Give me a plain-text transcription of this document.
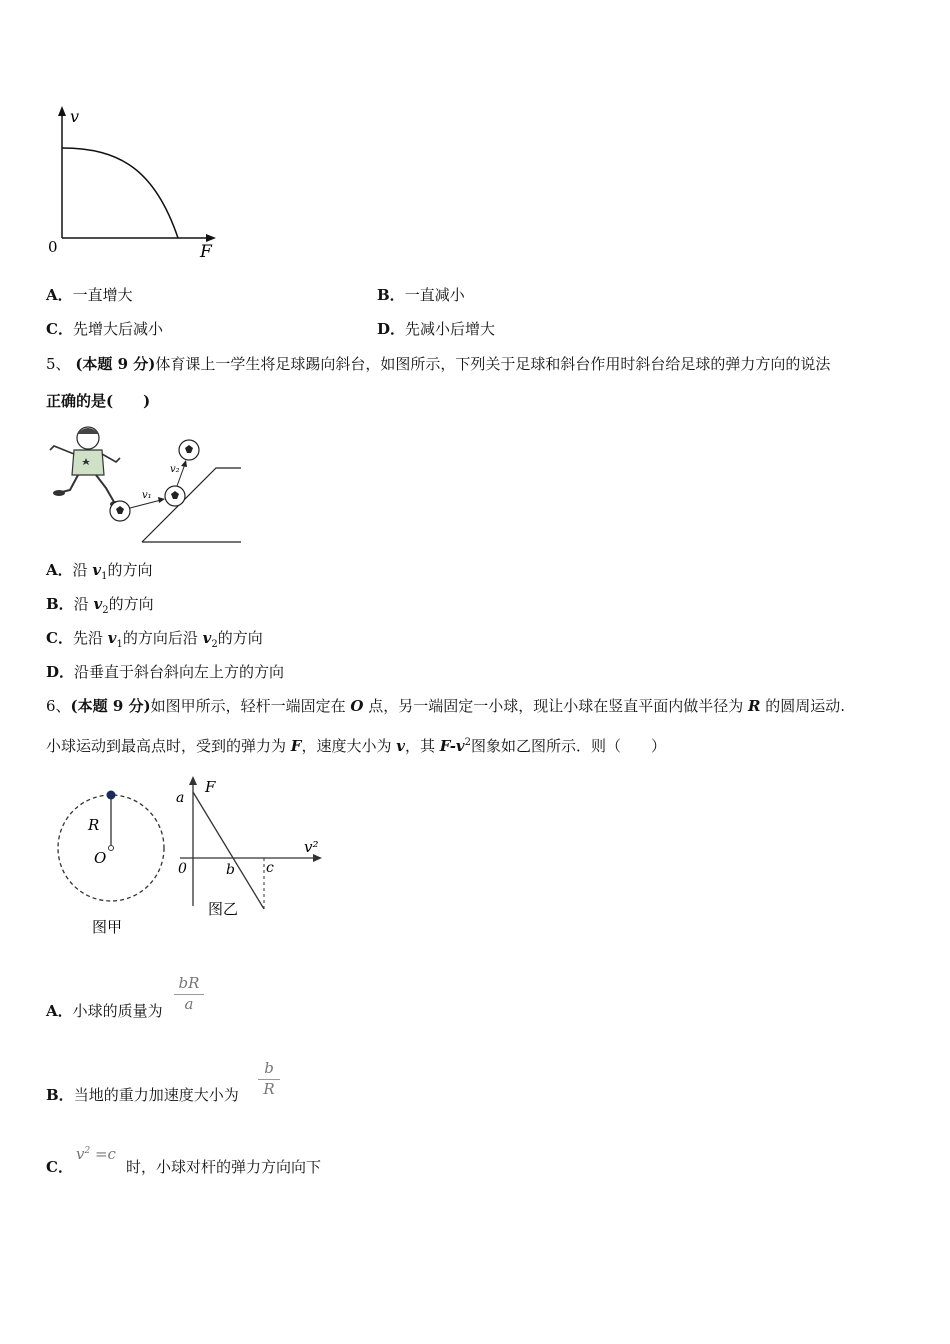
v
F
0
A．一直增大	B．一直减小
C．先增大后减小	D．先减小后增大
5、 (本题 9 分)体育课上一学生将足球踢向斜台，如图所示，下列关于足球和斜台作用时斜台给足球的弹力方向的说法
正确的是(　　)
v₁
v₂
A．沿 $v_1$的方向
B．沿 $v_2$的方向
C．先沿 $v_1$的方向后沿 $v_2$的方向
D．沿垂直于斜台斜向左上方的方向
6、(本题 9 分)如图甲所示，轻杆一端固定在 O 点，另一端固定一小球，现让小球在竖直平面内做半径为 R 的圆周运动.
小球运动到最高点时，受到的弹力为 F，速度大小为 v，其 $F-v^2$图象如乙图所示．则（　　）
R
O
图甲
F
a
0	b c
v²
图乙
A．小球的质量为 $\frac{bR}{a}$
B．当地的重力加速度大小为 $\frac{b}{R}$
C．
$v^2 =c$
时，小球对杆的弹力方向向下
